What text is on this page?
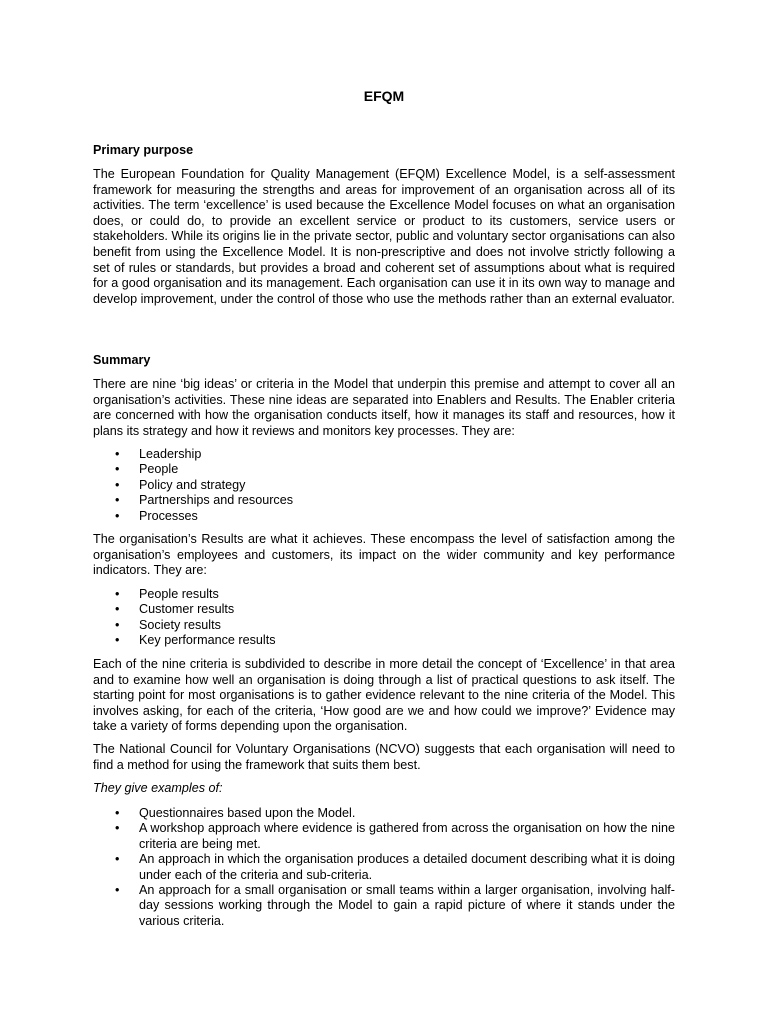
EFQM
Primary purpose

The European Foundation for Quality Management (EFQM) Excellence Model, is a self-assessment framework for measuring the strengths and areas for improvement of an organisation across all of its activities. The term ‘excellence’ is used because the Excellence Model focuses on what an organisation does, or could do, to provide an excellent service or product to its customers, service users or stakeholders. While its origins lie in the private sector, public and voluntary sector organisations can also benefit from using the Excellence Model. It is non-prescriptive and does not involve strictly following a set of rules or standards, but provides a broad and coherent set of assumptions about what is required for a good organisation and its management. Each organisation can use it in its own way to manage and develop improvement, under the control of those who use the methods rather than an external evaluator.

Summary

There are nine ‘big ideas’ or criteria in the Model that underpin this premise and attempt to cover all an organisation’s activities. These nine ideas are separated into Enablers and Results. The Enabler criteria are concerned with how the organisation conducts itself, how it manages its staff and resources, how it plans its strategy and how it reviews and monitors key processes. They are:

• Leadership
• People
• Policy and strategy
• Partnerships and resources
• Processes

The organisation’s Results are what it achieves. These encompass the level of satisfaction among the organisation’s employees and customers, its impact on the wider community and key performance indicators. They are:

• People results
• Customer results
• Society results
• Key performance results

Each of the nine criteria is subdivided to describe in more detail the concept of ‘Excellence’ in that area and to examine how well an organisation is doing through a list of practical questions to ask itself. The starting point for most organisations is to gather evidence relevant to the nine criteria of the Model. This involves asking, for each of the criteria, ‘How good are we and how could we improve?’ Evidence may take a variety of forms depending upon the organisation.

The National Council for Voluntary Organisations (NCVO) suggests that each organisation will need to find a method for using the framework that suits them best.

They give examples of:

• Questionnaires based upon the Model.
• A workshop approach where evidence is gathered from across the organisation on how the nine criteria are being met.
• An approach in which the organisation produces a detailed document describing what it is doing under each of the criteria and sub-criteria.
• An approach for a small organisation or small teams within a larger organisation, involving half-day sessions working through the Model to gain a rapid picture of where it stands under the various criteria.
